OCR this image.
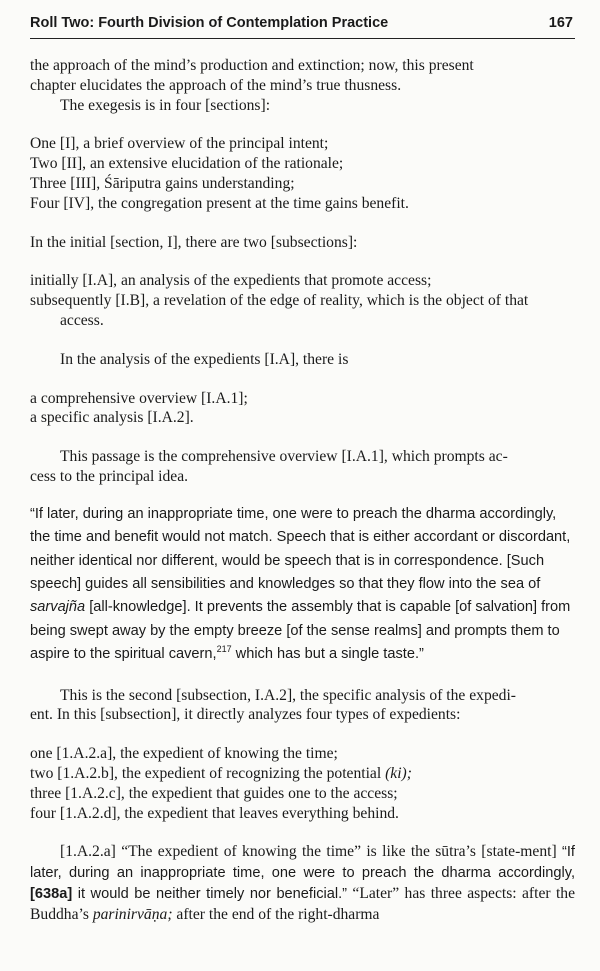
Roll Two: Fourth Division of Contemplation Practice	167

the approach of the mind’s production and extinction; now, this present

chapter elucidates the approach of the mind’s true thusness.

The exegesis is in four [sections]:

One [I], a brief overview of the principal intent;

Two [II], an extensive elucidation of the rationale;

Three [III], Śāriputra gains understanding;

Four [IV], the congregation present at the time gains benefit.

In the initial [section, I], there are two [subsections]:

initially [I.A], an analysis of the expedients that promote access;

subsequently [I.B], a revelation of the edge of reality, which is the object of that access.

In the analysis of the expedients [I.A], there is

a comprehensive overview [I.A.1];

a specific analysis [I.A.2].

This passage is the comprehensive overview [I.A.1], which prompts ac-

cess to the principal idea.

“If later, during an inappropriate time, one were to preach the dharma accordingly, the time and benefit would not match. Speech that is either accordant or discordant, neither identical nor different, would be speech that is in correspondence. [Such speech] guides all sensibilities and knowledges so that they flow into the sea of sarvajña [all-knowledge]. It prevents the assembly that is capable [of salvation] from being swept away by the empty breeze [of the sense realms] and prompts them to aspire to the spiritual cavern,$^{217}$ which has but a single taste.”

This is the second [subsection, I.A.2], the specific analysis of the expedi-

ent. In this [subsection], it directly analyzes four types of expedients:

one [1.A.2.a], the expedient of knowing the time;

two [1.A.2.b], the expedient of recognizing the potential (ki);

three [1.A.2.c], the expedient that guides one to the access;

four [1.A.2.d], the expedient that leaves everything behind.

[1.A.2.a] “The expedient of knowing the time” is like the sūtra’s [state-ment] “If later, during an inappropriate time, one were to preach the dharma accordingly, [638a] it would be neither timely nor beneficial.” “Later” has three aspects: after the Buddha’s parinirvāṇa; after the end of the right-dharma
